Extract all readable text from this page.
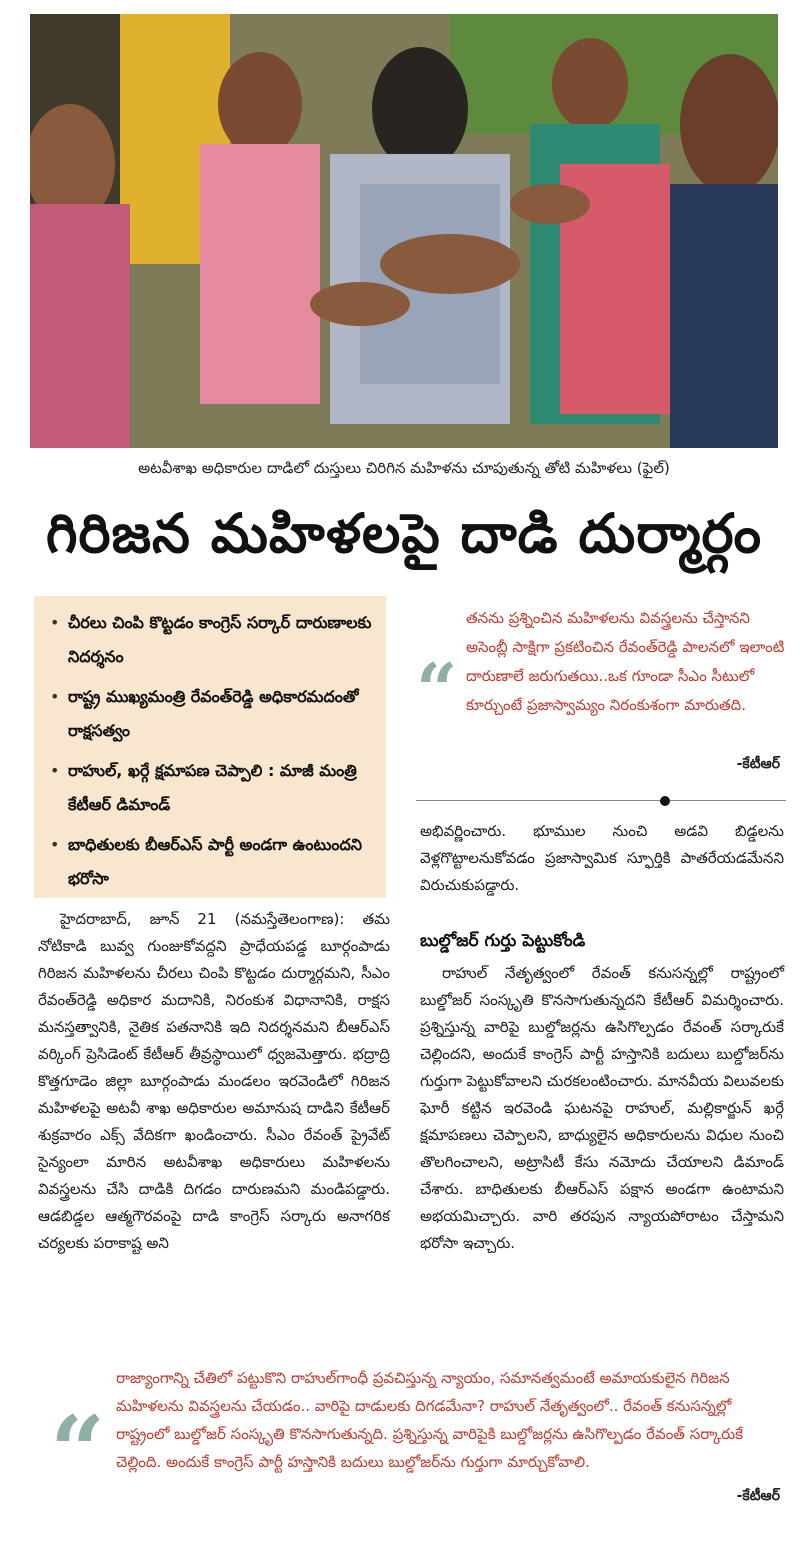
అటవీశాఖ అధికారుల దాడిలో దుస్తులు చిరిగిన మహిళను చూపుతున్న తోటి మహిళలు (ఫైల్)
గిరిజన మహిళలపై దాడి దుర్మార్గం
• చీరలు చింపి కొట్టడం కాంగ్రెస్ సర్కార్ దారుణాలకు నిదర్శనం
• రాష్ట్ర ముఖ్యమంత్రి రేవంత్‌రెడ్డి అధికారమదంతో రాక్షసత్వం
• రాహుల్, ఖర్గే క్షమాపణ చెప్పాలి : మాజీ మంత్రి కేటీఆర్ డిమాండ్
• బాధితులకు బీఆర్‌ఎస్ పార్టీ అండగా ఉంటుందని భరోసా
“
తనను ప్రశ్నించిన మహిళలను వివస్త్రలను చేస్తానని అసెంబ్లీ సాక్షిగా ప్రకటించిన రేవంత్‌రెడ్డి పాలనలో ఇలాంటి దారుణాలే జరుగుతయి..ఒక గూండా సీఎం సీటులో కూర్చుంటే ప్రజాస్వామ్యం నిరంకుశంగా మారుతది.
-కేటీఆర్

హైదరాబాద్, జూన్ 21 (నమస్తేతెలంగాణ): తమ నోటికాడి బువ్వ గుంజుకోవద్దని ప్రాధేయపడ్డ బూర్గంపాడు గిరిజన మహిళలను చీరలు చింపి కొట్టడం దుర్మార్గమని, సీఎం రేవంత్‌రెడ్డి అధికార మదానికి, నిరంకుశ విధానానికి, రాక్షస మనస్తత్వానికి, నైతిక పతనానికి ఇది నిదర్శనమని బీఆర్‌ఎస్ వర్కింగ్ ప్రెసిడెంట్ కేటీఆర్ తీవ్రస్థాయిలో ధ్వజమెత్తారు. భద్రాద్రి కొత్తగూడెం జిల్లా బూర్గంపాడు మండలం ఇరవెండిలో గిరిజన మహిళలపై అటవీ శాఖ అధికారుల అమానుష దాడిని కేటీఆర్ శుక్రవారం ఎక్స్ వేదికగా ఖండించారు. సీఎం రేవంత్ ప్రైవేట్ సైన్యంలా మారిన అటవీశాఖ అధికారులు మహిళలను వివస్త్రలను చేసి దాడికి దిగడం దారుణమని మండిపడ్డారు. ఆడబిడ్డల ఆత్మగౌరవంపై దాడి కాంగ్రెస్ సర్కారు అనాగరిక చర్యలకు పరాకాష్ట అని

అభివర్ణించారు. భూముల నుంచి అడవి బిడ్డలను వెళ్లగొట్టాలనుకోవడం ప్రజాస్వామిక స్ఫూర్తికి పాతరేయడమేనని విరుచుకుపడ్డారు.

బుల్డోజర్ గుర్తు పెట్టుకోండి

రాహుల్ నేతృత్వంలో రేవంత్ కనుసన్నల్లో రాష్ట్రంలో బుల్డోజర్ సంస్కృతి కొనసాగుతున్నదని కేటీఆర్ విమర్శించారు. ప్రశ్నిస్తున్న వారిపై బుల్డోజర్లను ఉసిగొల్పడం రేవంత్ సర్కారుకే చెల్లిందని, అందుకే కాంగ్రెస్ పార్టీ హస్తానికి బదులు బుల్డోజర్‌ను గుర్తుగా పెట్టుకోవాలని చురకలంటించారు. మానవీయ విలువలకు ఘోరీ కట్టిన ఇరవెండి ఘటనపై రాహుల్, మల్లికార్జున్ ఖర్గే క్షమాపణలు చెప్పాలని, బాధ్యులైన అధికారులను విధుల నుంచి తొలగించాలని, అట్రాసిటీ కేసు నమోదు చేయాలని డిమాండ్ చేశారు. బాధితులకు బీఆర్‌ఎస్ పక్షాన అండగా ఉంటామని అభయమిచ్చారు. వారి తరపున న్యాయపోరాటం చేస్తామని భరోసా ఇచ్చారు.

“
రాజ్యాంగాన్ని చేతిలో పట్టుకొని రాహుల్‌గాంధీ ప్రవచిస్తున్న న్యాయం, సమానత్వమంటే అమాయకులైన గిరిజన మహిళలను వివస్త్రలను చేయడం.. వారిపై దాడులకు దిగడమేనా? రాహుల్ నేతృత్వంలో.. రేవంత్ కనుసన్నల్లో రాష్ట్రంలో బుల్డోజర్ సంస్కృతి కొనసాగుతున్నది. ప్రశ్నిస్తున్న వారిపైకి బుల్డోజర్లను ఉసిగొల్పడం రేవంత్ సర్కారుకే చెల్లింది. అందుకే కాంగ్రెస్ పార్టీ హస్తానికి బదులు బుల్డోజర్‌ను గుర్తుగా మార్చుకోవాలి.
-కేటీఆర్
